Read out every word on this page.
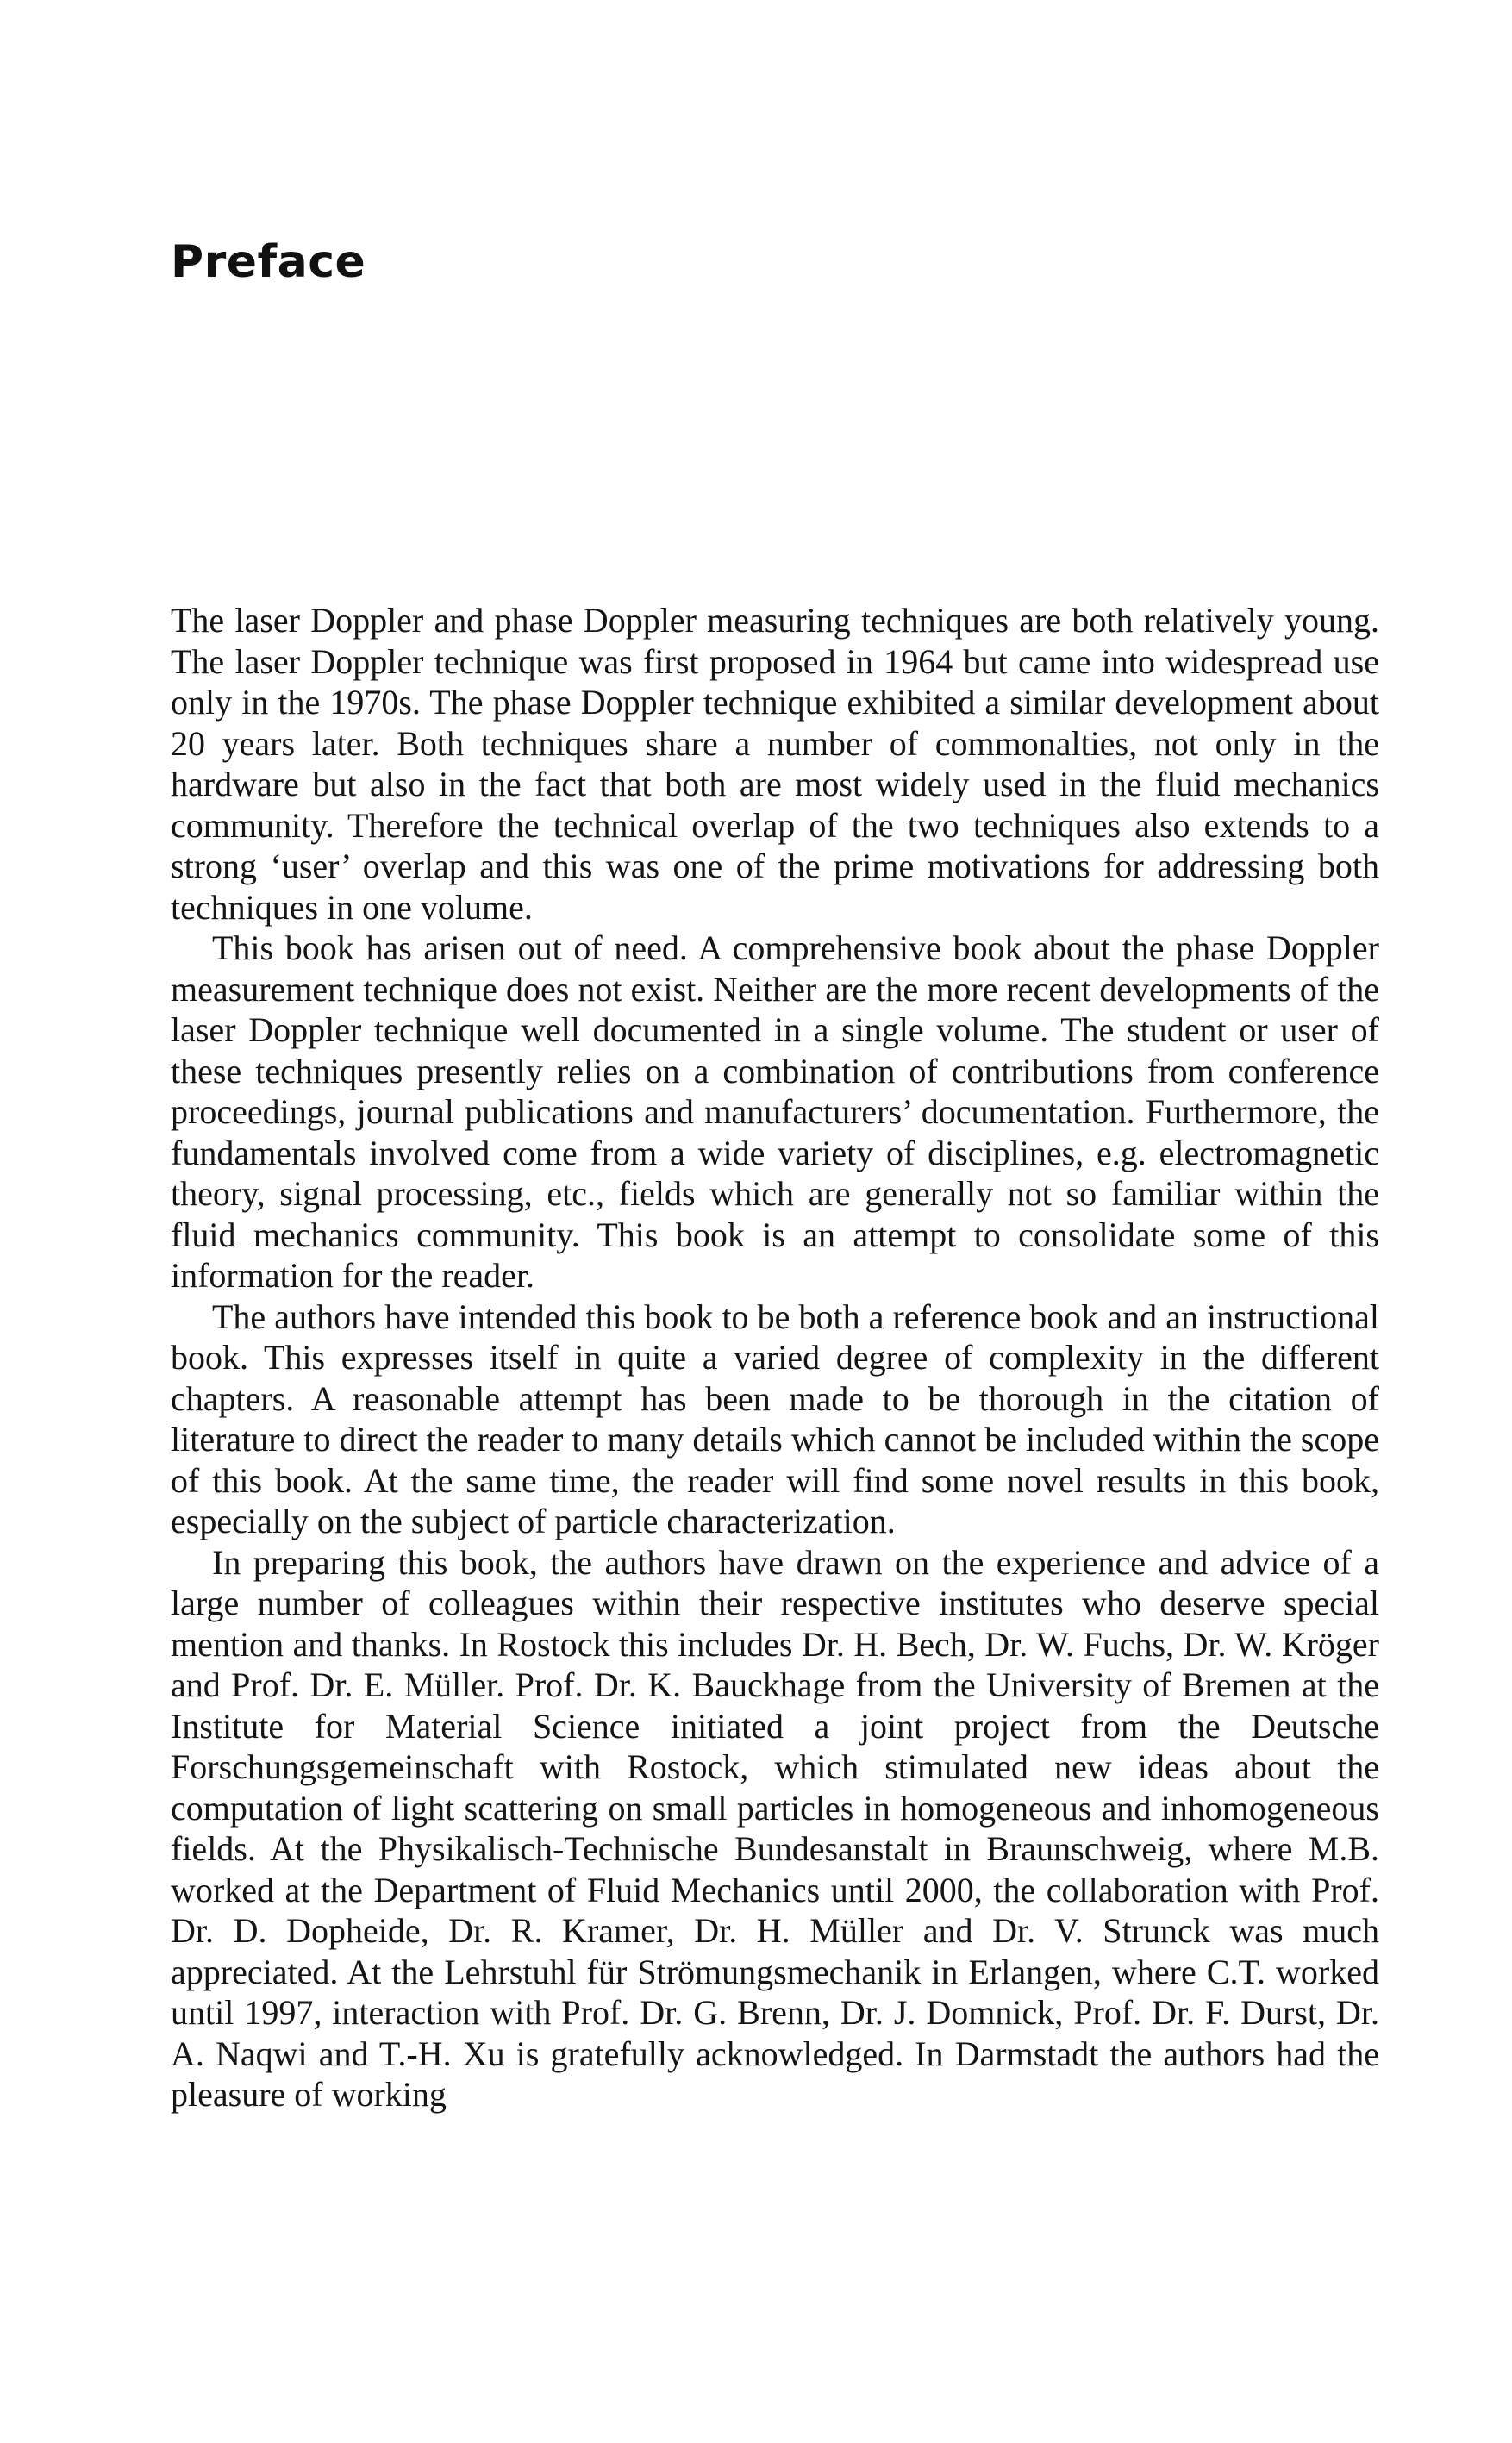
Preface

The laser Doppler and phase Doppler measuring techniques are both relatively young. The laser Doppler technique was first proposed in 1964 but came into widespread use only in the 1970s. The phase Doppler technique exhibited a similar development about 20 years later. Both techniques share a number of commonalties, not only in the hardware but also in the fact that both are most widely used in the fluid mechanics community. Therefore the technical overlap of the two techniques also extends to a strong ‘user’ overlap and this was one of the prime motivations for addressing both techniques in one volume.

This book has arisen out of need. A comprehensive book about the phase Doppler measurement technique does not exist. Neither are the more recent developments of the laser Doppler technique well documented in a single volume. The student or user of these techniques presently relies on a combination of contributions from conference proceedings, journal publications and manufacturers’ documentation. Furthermore, the fundamentals involved come from a wide variety of disciplines, e.g. electromagnetic theory, signal processing, etc., fields which are generally not so familiar within the fluid mechanics community. This book is an attempt to consolidate some of this information for the reader.

The authors have intended this book to be both a reference book and an instructional book. This expresses itself in quite a varied degree of complexity in the different chapters. A reasonable attempt has been made to be thorough in the citation of literature to direct the reader to many details which cannot be included within the scope of this book. At the same time, the reader will find some novel results in this book, especially on the subject of particle characterization.

In preparing this book, the authors have drawn on the experience and advice of a large number of colleagues within their respective institutes who deserve special mention and thanks. In Rostock this includes Dr. H. Bech, Dr. W. Fuchs, Dr. W. Kröger and Prof. Dr. E. Müller. Prof. Dr. K. Bauckhage from the University of Bremen at the Institute for Material Science initiated a joint project from the Deutsche Forschungsgemeinschaft with Rostock, which stimulated new ideas about the computation of light scattering on small particles in homogeneous and inhomogeneous fields. At the Physikalisch-Technische Bundesanstalt in Braunschweig, where M.B. worked at the Department of Fluid Mechanics until 2000, the collaboration with Prof. Dr. D. Dopheide, Dr. R. Kramer, Dr. H. Müller and Dr. V. Strunck was much appreciated. At the Lehrstuhl für Strömungsmechanik in Erlangen, where C.T. worked until 1997, interaction with Prof. Dr. G. Brenn, Dr. J. Domnick, Prof. Dr. F. Durst, Dr. A. Naqwi and T.-H. Xu is gratefully acknowledged. In Darmstadt the authors had the pleasure of working
